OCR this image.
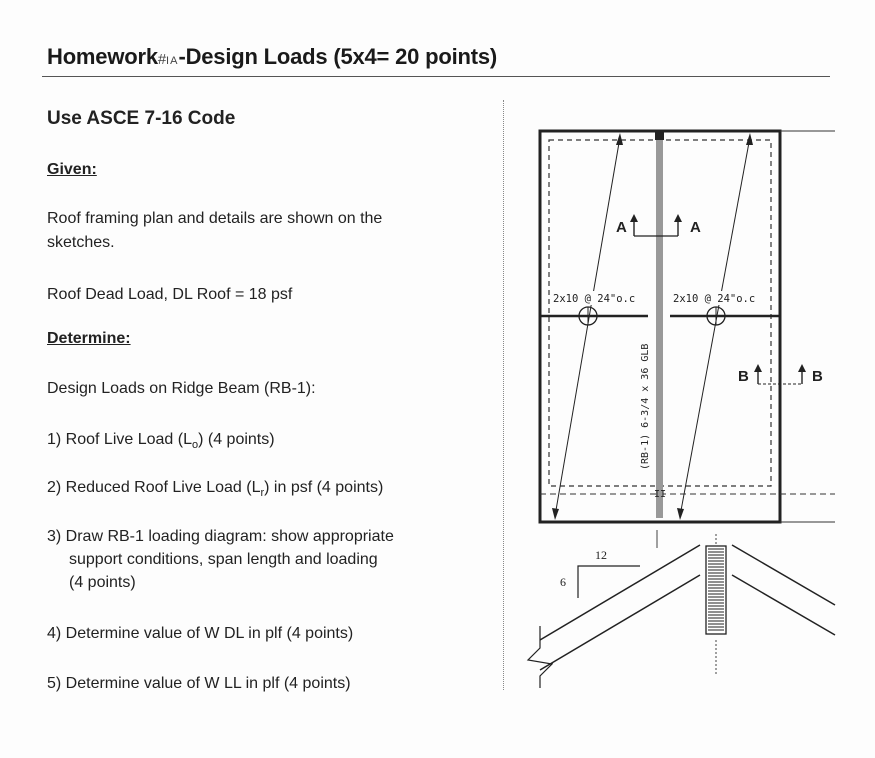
Homework#IA-Design Loads (5x4= 20 points)
Use ASCE 7-16 Code
Given:
Roof framing plan and details are shown on the
sketches.
Roof Dead Load, DL Roof = 18 psf
Determine:
Design Loads on Ridge Beam (RB-1):
1) Roof Live Load $(L_o)$ (4 points)
2) Reduced Roof Live Load $(L_r)$ in psf (4 points)
3) Draw RB-1 loading diagram: show appropriate
support conditions, span length and loading
(4 points)
4) Determine value of W DL in plf (4 points)
5) Determine value of W LL in plf (4 points)
A	A
B	B
2x10 @ 24"o.c	2x10 @ 24"o.c
(RB-1) 6-3/4 x 36 GLB
II
12
6
